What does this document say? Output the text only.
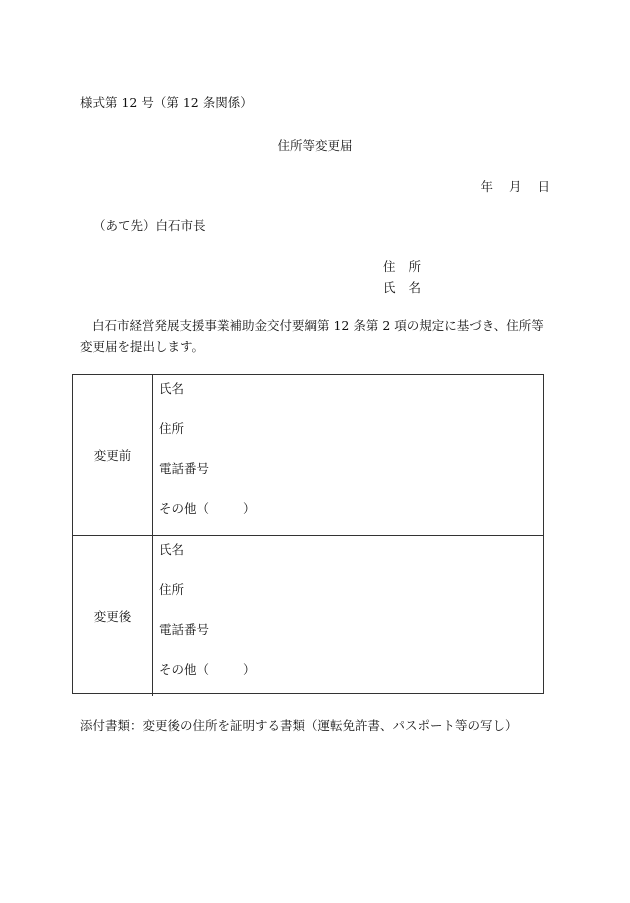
様式第 12 号（第 12 条関係）
住所等変更届
年 月 日
（あて先）白石市長
住 所
氏 名
白石市経営発展支援事業補助金交付要綱第 12 条第 2 項の規定に基づき、住所等変更届を提出します。
変更前
氏名
住所
電話番号
その他（	）
変更後
氏名
住所
電話番号
その他（	）
添付書類：変更後の住所を証明する書類（運転免許書、パスポート等の写し）
